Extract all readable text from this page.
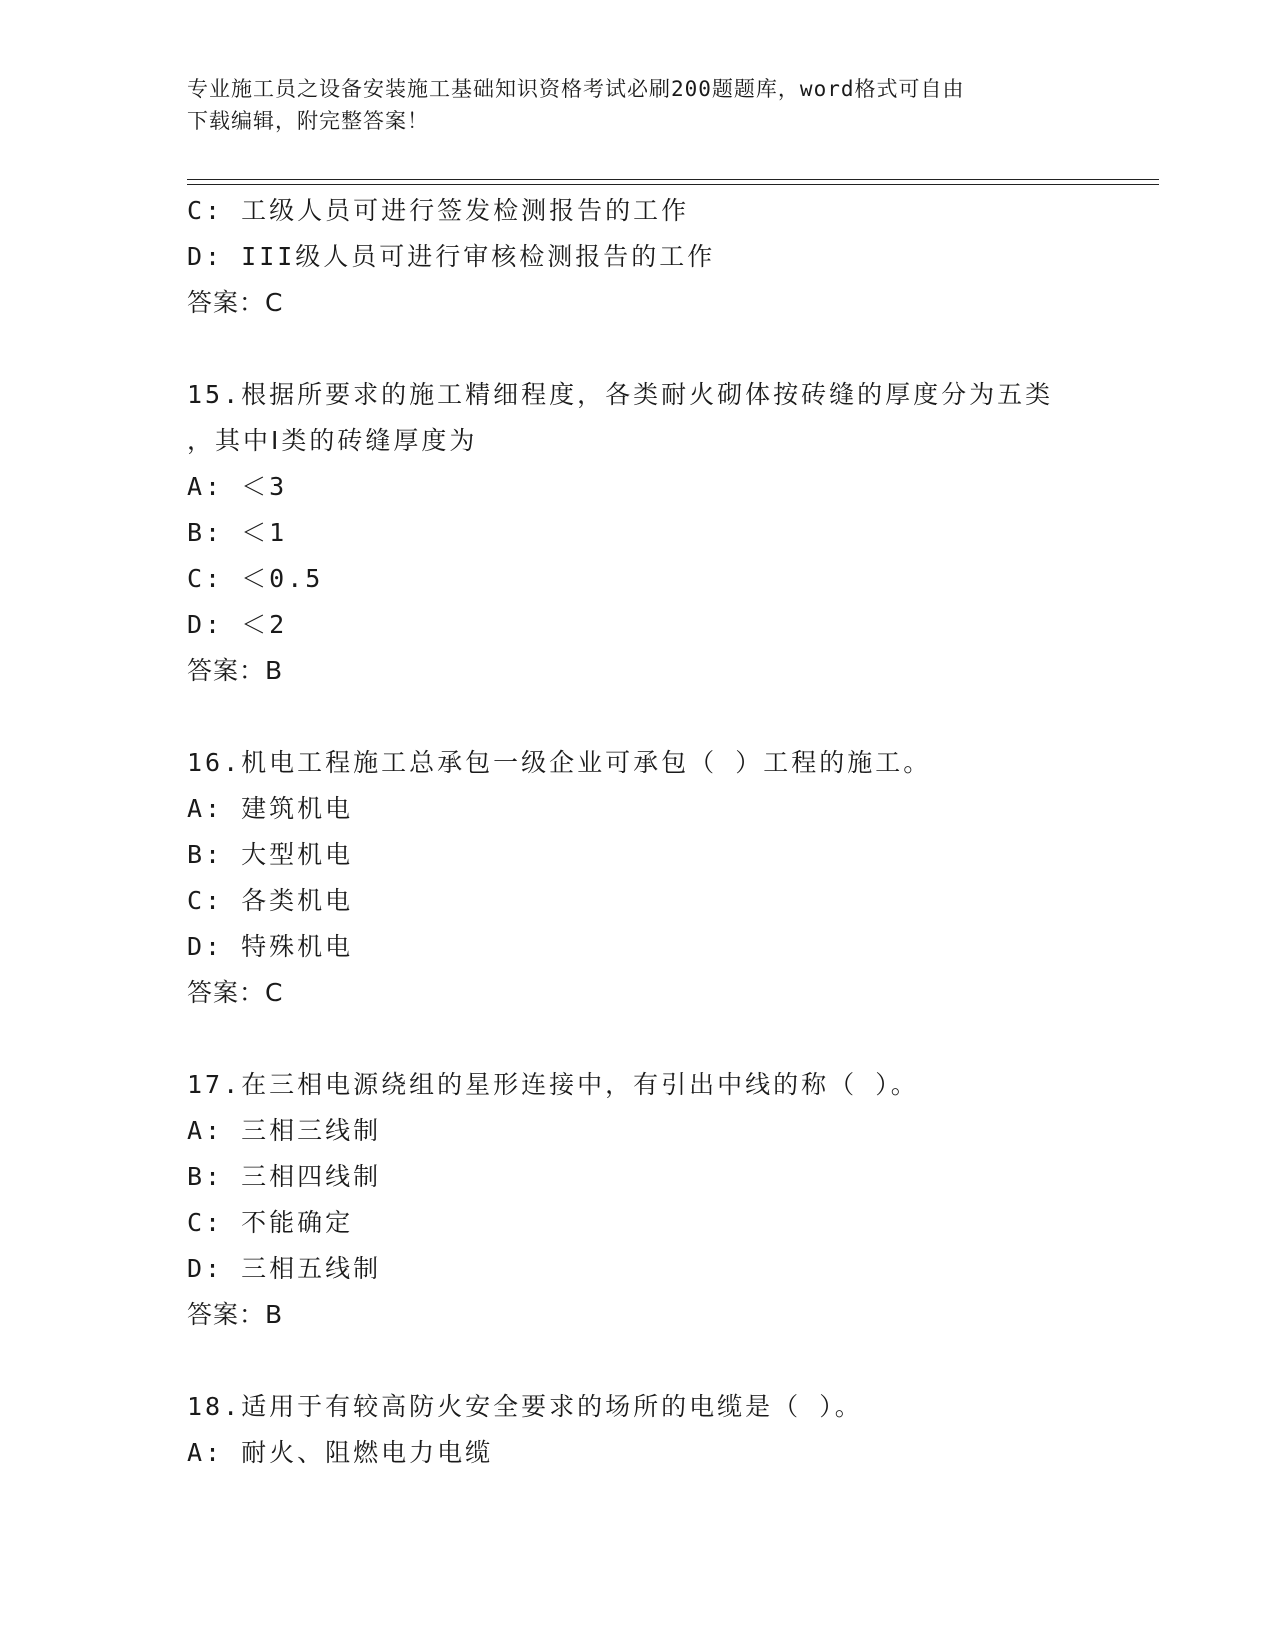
专业施工员之设备安装施工基础知识资格考试必刷200题题库，word格式可自由
下载编辑，附完整答案！
C: 工级人员可进行签发检测报告的工作
D: III级人员可进行审核检测报告的工作
答案：C
15.根据所要求的施工精细程度，各类耐火砌体按砖缝的厚度分为五类
，其中Ⅰ类的砖缝厚度为
A: ＜3
B: ＜1
C: ＜0.5
D: ＜2
答案：B
16.机电工程施工总承包一级企业可承包（ ）工程的施工。
A: 建筑机电
B: 大型机电
C: 各类机电
D: 特殊机电
答案：C
17.在三相电源绕组的星形连接中，有引出中线的称（ ）。
A: 三相三线制
B: 三相四线制
C: 不能确定
D: 三相五线制
答案：B
18.适用于有较高防火安全要求的场所的电缆是（ ）。
A: 耐火、阻燃电力电缆
